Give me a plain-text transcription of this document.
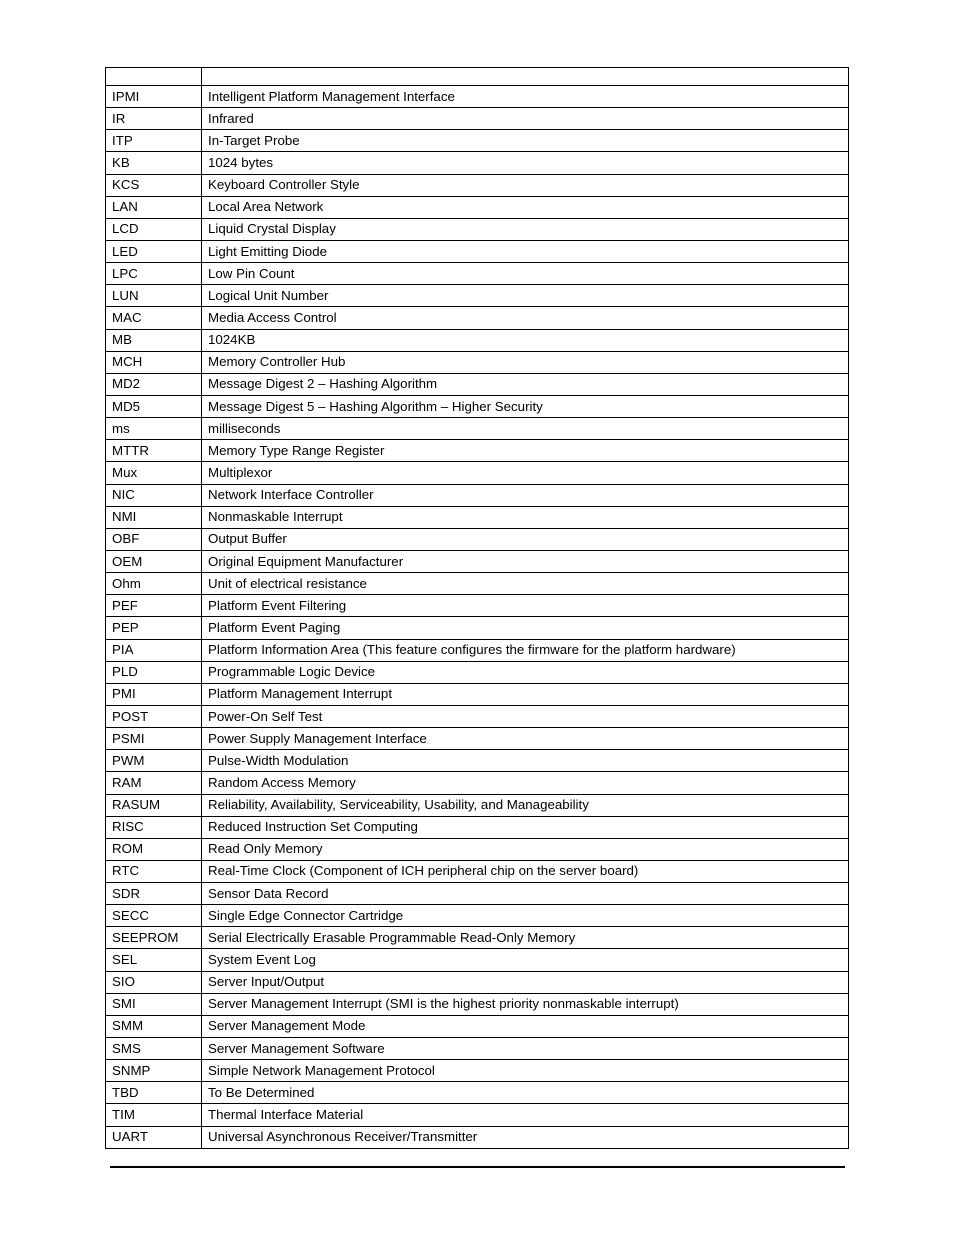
IPMI	Intelligent Platform Management Interface
IR	Infrared
ITP	In-Target Probe
KB	1024 bytes
KCS	Keyboard Controller Style
LAN	Local Area Network
LCD	Liquid Crystal Display
LED	Light Emitting Diode
LPC	Low Pin Count
LUN	Logical Unit Number
MAC	Media Access Control
MB	1024KB
MCH	Memory Controller Hub
MD2	Message Digest 2 – Hashing Algorithm
MD5	Message Digest 5 – Hashing Algorithm – Higher Security
ms	milliseconds
MTTR	Memory Type Range Register
Mux	Multiplexor
NIC	Network Interface Controller
NMI	Nonmaskable Interrupt
OBF	Output Buffer
OEM	Original Equipment Manufacturer
Ohm	Unit of electrical resistance
PEF	Platform Event Filtering
PEP	Platform Event Paging
PIA	Platform Information Area (This feature configures the firmware for the platform hardware)
PLD	Programmable Logic Device
PMI	Platform Management Interrupt
POST	Power-On Self Test
PSMI	Power Supply Management Interface
PWM	Pulse-Width Modulation
RAM	Random Access Memory
RASUM	Reliability, Availability, Serviceability, Usability, and Manageability
RISC	Reduced Instruction Set Computing
ROM	Read Only Memory
RTC	Real-Time Clock (Component of ICH peripheral chip on the server board)
SDR	Sensor Data Record
SECC	Single Edge Connector Cartridge
SEEPROM	Serial Electrically Erasable Programmable Read-Only Memory
SEL	System Event Log
SIO	Server Input/Output
SMI	Server Management Interrupt (SMI is the highest priority nonmaskable interrupt)
SMM	Server Management Mode
SMS	Server Management Software
SNMP	Simple Network Management Protocol
TBD	To Be Determined
TIM	Thermal Interface Material
UART	Universal Asynchronous Receiver/Transmitter
